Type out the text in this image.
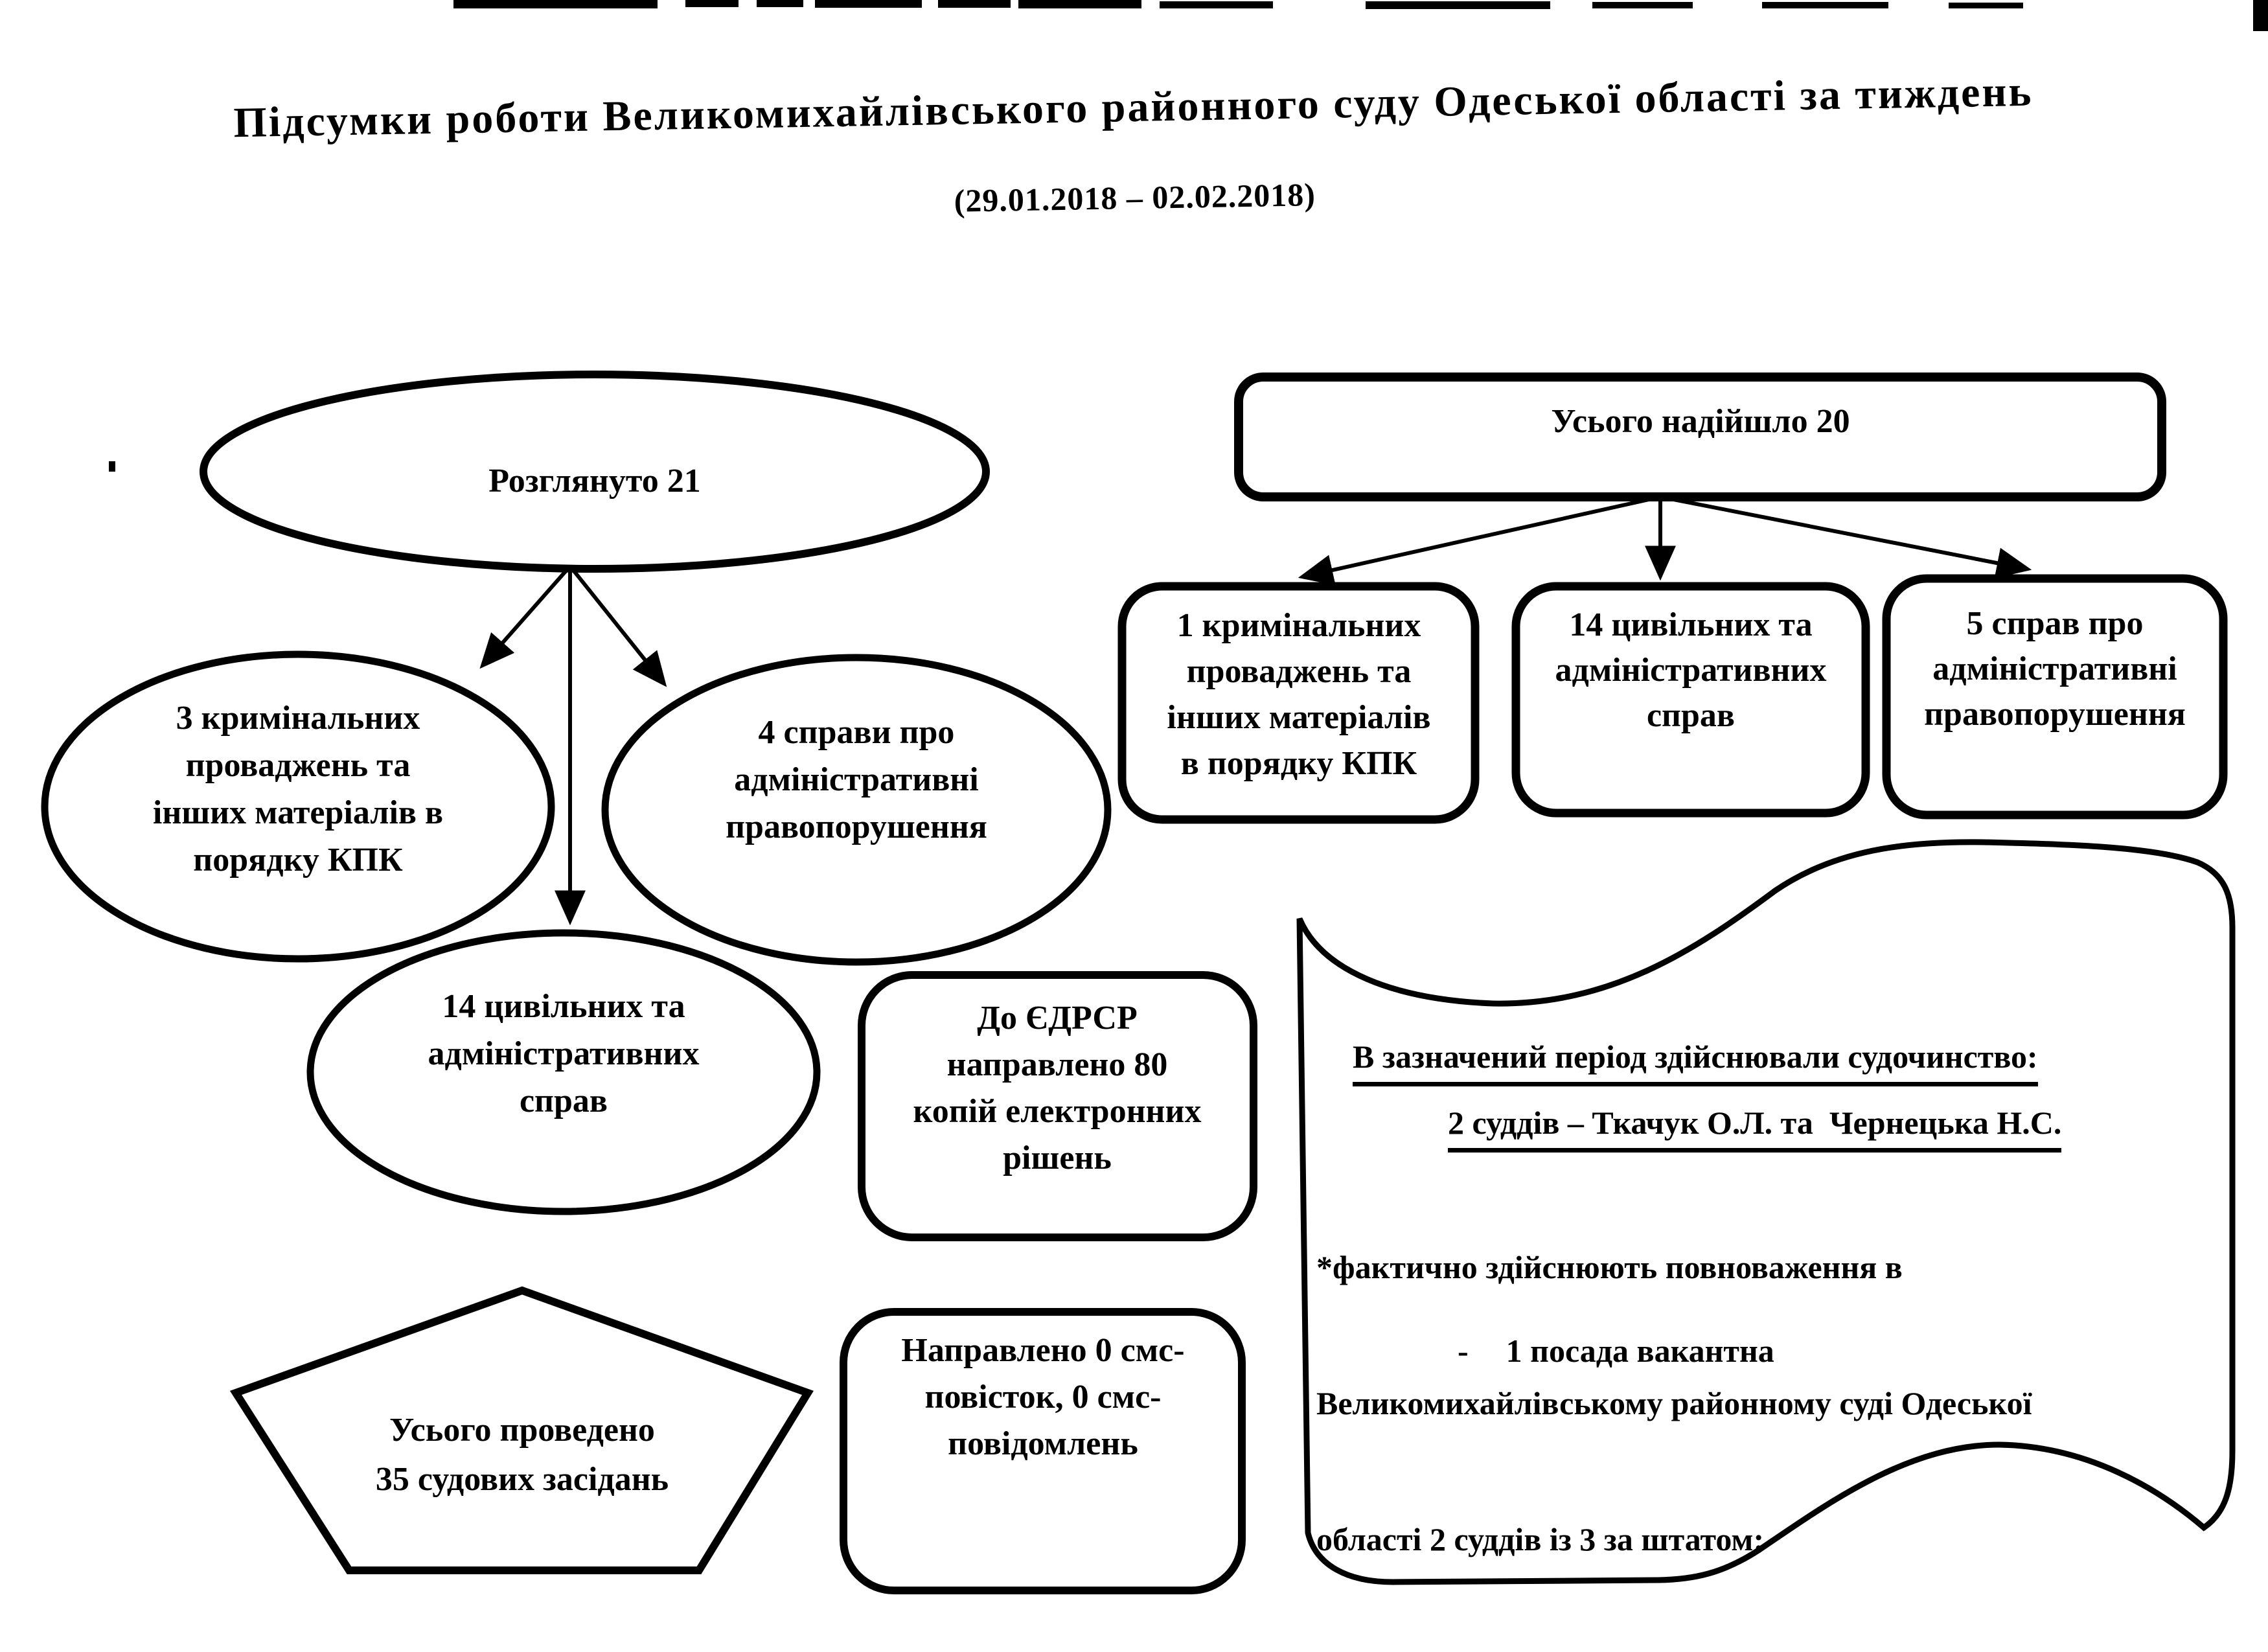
Підсумки роботи Великомихайлівського районного суду Одеської області за тиждень
(29.01.2018 – 02.02.2018)
Розглянуто 21
3 кримінальних
проваджень та
інших матеріалів в
порядку КПК
4 справи про
адміністративні
правопорушення
14 цивільних та
адміністративних
справ
Усього проведено
35 судових засідань
До ЄДРСР
направлено 80
копій електронних
рішень
Направлено 0 смс-
повісток, 0 смс-
повідомлень
Усього надійшло 20
1 кримінальних
проваджень та
інших матеріалів
в порядку КПК
14 цивільних та
адміністративних
справ
5 справ про
адміністративні
правопорушення

В зазначений період здійснювали судочинство:

2 суддів – Ткачук О.Л. та  Чернецька Н.С.

*фактично здійснюють повноваження в

Великомихайлівському районному суді Одеської

області 2 суддів із 3 за штатом:

- 1 посада вакантна
